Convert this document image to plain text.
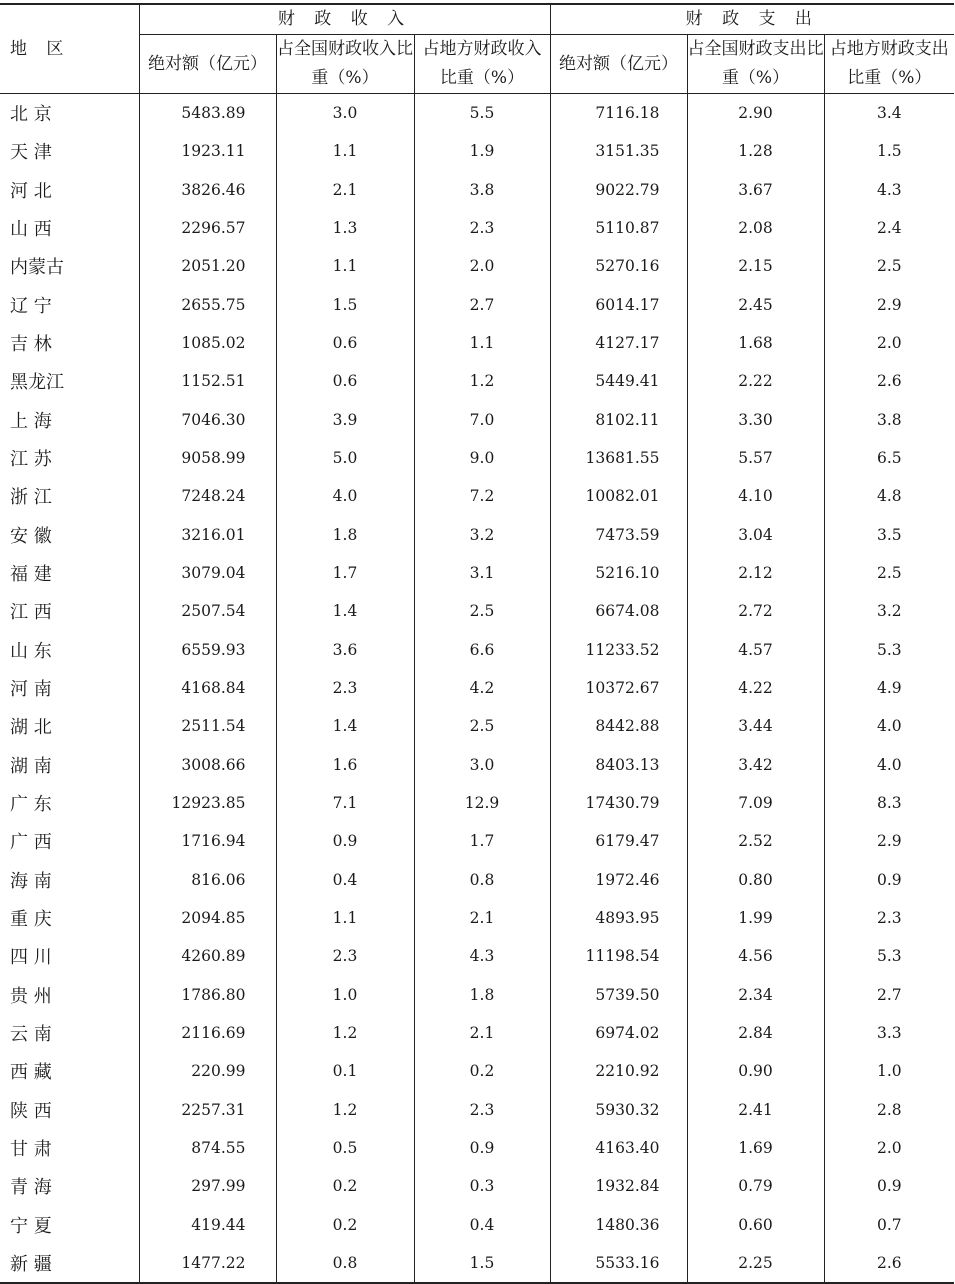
地 区	财 政 收 入			财 政 支 出		
	绝对额（亿元）	占全国财政收入比重（%）	占地方财政收入比重（%）	绝对额（亿元）	占全国财政支出比重（%）	占地方财政支出比重（%）
北 京	5483.89	3.0	5.5	7116.18	2.90	3.4
天 津	1923.11	1.1	1.9	3151.35	1.28	1.5
河 北	3826.46	2.1	3.8	9022.79	3.67	4.3
山 西	2296.57	1.3	2.3	5110.87	2.08	2.4
内蒙古	2051.20	1.1	2.0	5270.16	2.15	2.5
辽 宁	2655.75	1.5	2.7	6014.17	2.45	2.9
吉 林	1085.02	0.6	1.1	4127.17	1.68	2.0
黑龙江	1152.51	0.6	1.2	5449.41	2.22	2.6
上 海	7046.30	3.9	7.0	8102.11	3.30	3.8
江 苏	9058.99	5.0	9.0	13681.55	5.57	6.5
浙 江	7248.24	4.0	7.2	10082.01	4.10	4.8
安 徽	3216.01	1.8	3.2	7473.59	3.04	3.5
福 建	3079.04	1.7	3.1	5216.10	2.12	2.5
江 西	2507.54	1.4	2.5	6674.08	2.72	3.2
山 东	6559.93	3.6	6.6	11233.52	4.57	5.3
河 南	4168.84	2.3	4.2	10372.67	4.22	4.9
湖 北	2511.54	1.4	2.5	8442.88	3.44	4.0
湖 南	3008.66	1.6	3.0	8403.13	3.42	4.0
广 东	12923.85	7.1	12.9	17430.79	7.09	8.3
广 西	1716.94	0.9	1.7	6179.47	2.52	2.9
海 南	816.06	0.4	0.8	1972.46	0.80	0.9
重 庆	2094.85	1.1	2.1	4893.95	1.99	2.3
四 川	4260.89	2.3	4.3	11198.54	4.56	5.3
贵 州	1786.80	1.0	1.8	5739.50	2.34	2.7
云 南	2116.69	1.2	2.1	6974.02	2.84	3.3
西 藏	220.99	0.1	0.2	2210.92	0.90	1.0
陕 西	2257.31	1.2	2.3	5930.32	2.41	2.8
甘 肃	874.55	0.5	0.9	4163.40	1.69	2.0
青 海	297.99	0.2	0.3	1932.84	0.79	0.9
宁 夏	419.44	0.2	0.4	1480.36	0.60	0.7
新 疆	1477.22	0.8	1.5	5533.16	2.25	2.6
